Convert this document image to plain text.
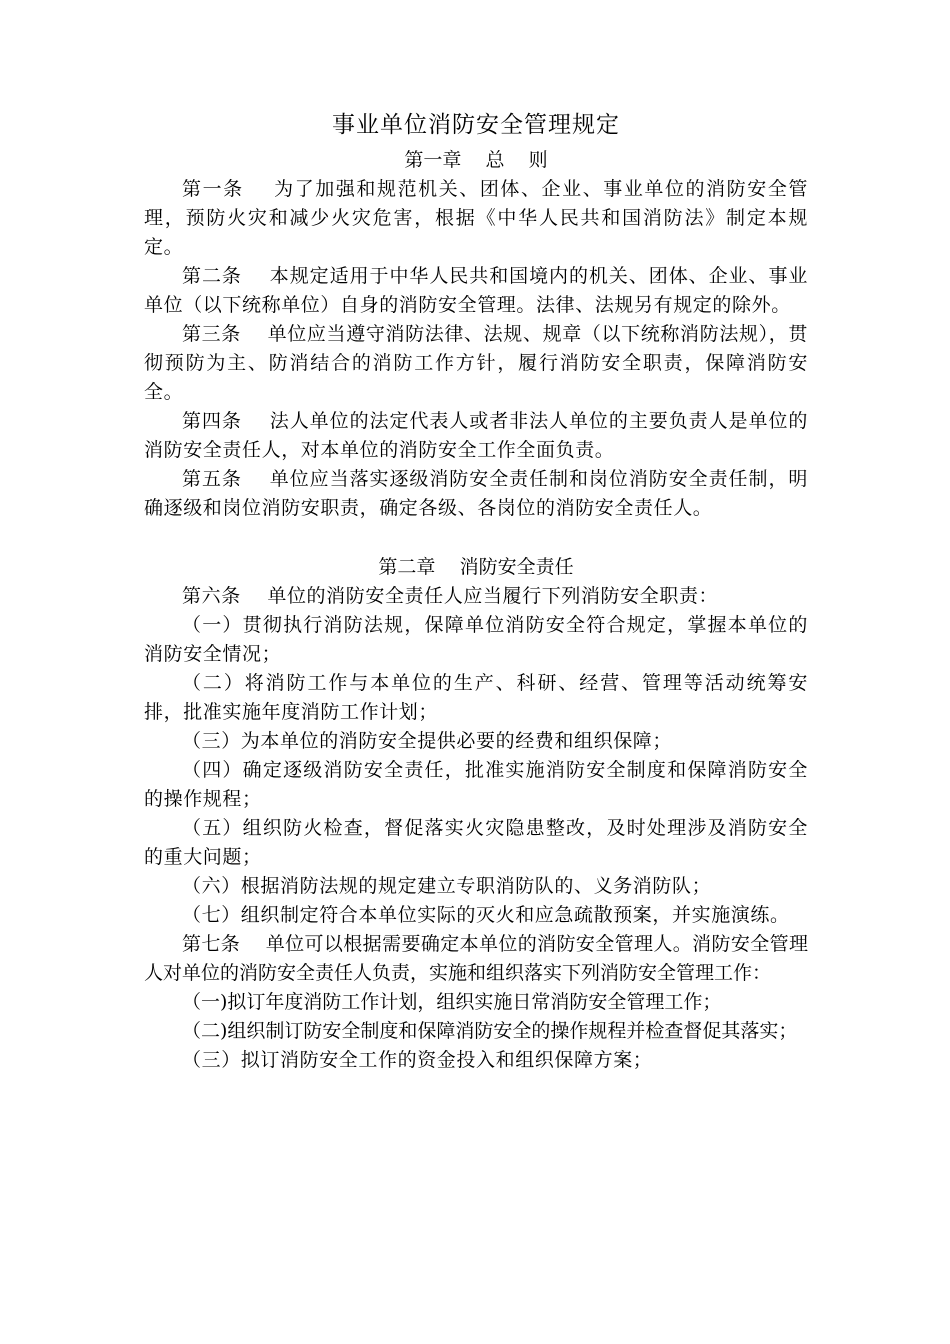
事业单位消防安全管理规定
第一章    总    则

第一条    为了加强和规范机关、团体、企业、事业单位的消防安全管理，预防火灾和减少火灾危害，根据《中华人民共和国消防法》制定本规定。

第二条    本规定适用于中华人民共和国境内的机关、团体、企业、事业单位（以下统称单位）自身的消防安全管理。法律、法规另有规定的除外。

第三条    单位应当遵守消防法律、法规、规章（以下统称消防法规），贯彻预防为主、防消结合的消防工作方针，履行消防安全职责，保障消防安全。

第四条    法人单位的法定代表人或者非法人单位的主要负责人是单位的消防安全责任人，对本单位的消防安全工作全面负责。

第五条    单位应当落实逐级消防安全责任制和岗位消防安全责任制，明确逐级和岗位消防安职责，确定各级、各岗位的消防安全责任人。

第二章    消防安全责任

第六条    单位的消防安全责任人应当履行下列消防安全职责：

（一）贯彻执行消防法规，保障单位消防安全符合规定，掌握本单位的消防安全情况；

（二）将消防工作与本单位的生产、科研、经营、管理等活动统筹安排，批准实施年度消防工作计划；

（三）为本单位的消防安全提供必要的经费和组织保障；

（四）确定逐级消防安全责任，批准实施消防安全制度和保障消防安全的操作规程；

（五）组织防火检查，督促落实火灾隐患整改，及时处理涉及消防安全的重大问题；

（六）根据消防法规的规定建立专职消防队的、义务消防队；

（七）组织制定符合本单位实际的灭火和应急疏散预案，并实施演练。

第七条    单位可以根据需要确定本单位的消防安全管理人。消防安全管理人对单位的消防安全责任人负责，实施和组织落实下列消防安全管理工作：

（一)拟订年度消防工作计划，组织实施日常消防安全管理工作；

（二)组织制订防安全制度和保障消防安全的操作规程并检查督促其落实；

（三）拟订消防安全工作的资金投入和组织保障方案；
